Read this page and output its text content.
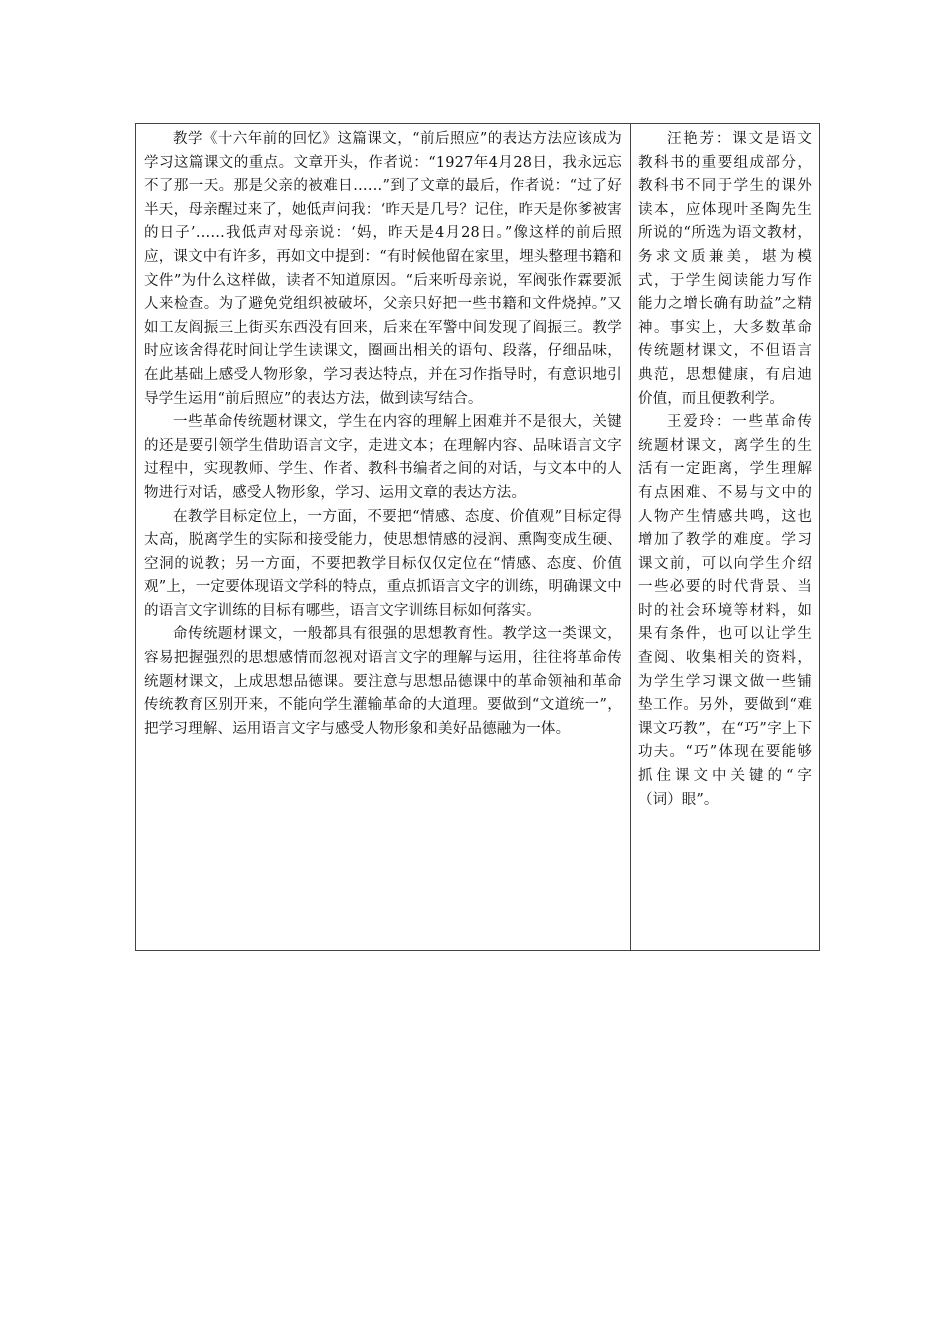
教学《十六年前的回忆》这篇课文，“前后照应”的表达方法应该成为学习这篇课文的重点。文章开头，作者说：“1927年4月28日，我永远忘不了那一天。那是父亲的被难日……”到了文章的最后，作者说：“过了好半天，母亲醒过来了，她低声问我：‘昨天是几号？记住，昨天是你爹被害的日子’……我低声对母亲说：‘妈，昨天是4月28日。”像这样的前后照应，课文中有许多，再如文中提到：“有时候他留在家里，埋头整理书籍和文件”为什么这样做，读者不知道原因。“后来听母亲说，军阀张作霖要派人来检查。为了避免党组织被破坏，父亲只好把一些书籍和文件烧掉。”又如工友阎振三上街买东西没有回来，后来在军警中间发现了阎振三。教学时应该舍得花时间让学生读课文，圈画出相关的语句、段落，仔细品味，在此基础上感受人物形象，学习表达特点，并在习作指导时，有意识地引导学生运用“前后照应”的表达方法，做到读写结合。

一些革命传统题材课文，学生在内容的理解上困难并不是很大，关键的还是要引领学生借助语言文字，走进文本；在理解内容、品味语言文字过程中，实现教师、学生、作者、教科书编者之间的对话，与文本中的人物进行对话，感受人物形象，学习、运用文章的表达方法。

在教学目标定位上，一方面，不要把“情感、态度、价值观”目标定得太高，脱离学生的实际和接受能力，使思想情感的浸润、熏陶变成生硬、空洞的说教；另一方面，不要把教学目标仅仅定位在“情感、态度、价值观”上，一定要体现语文学科的特点，重点抓语言文字的训练，明确课文中的语言文字训练的目标有哪些，语言文字训练目标如何落实。

命传统题材课文，一般都具有很强的思想教育性。教学这一类课文，容易把握强烈的思想感情而忽视对语言文字的理解与运用，往往将革命传统题材课文，上成思想品德课。要注意与思想品德课中的革命领袖和革命传统教育区别开来，不能向学生灌输革命的大道理。要做到“文道统一”，把学习理解、运用语言文字与感受人物形象和美好品德融为一体。

汪艳芳：课文是语文教科书的重要组成部分，教科书不同于学生的课外读本，应体现叶圣陶先生所说的“所选为语文教材，务求文质兼美，堪为模式，于学生阅读能力写作能力之增长确有助益”之精神。事实上，大多数革命传统题材课文，不但语言典范，思想健康，有启迪价值，而且便教利学。

王爱玲：一些革命传统题材课文，离学生的生活有一定距离，学生理解有点困难、不易与文中的人物产生情感共鸣，这也增加了教学的难度。学习课文前，可以向学生介绍一些必要的时代背景、当时的社会环境等材料，如果有条件，也可以让学生查阅、收集相关的资料，为学生学习课文做一些铺垫工作。另外，要做到“难课文巧教”，在“巧”字上下功夫。“巧”体现在要能够抓住课文中关键的“字（词）眼”。
